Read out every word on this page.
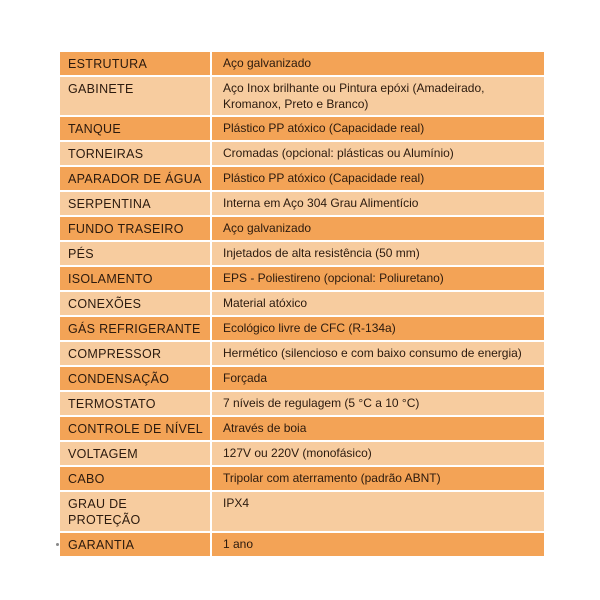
ESTRUTURA	Aço galvanizado
GABINETE	Aço Inox brilhante ou Pintura epóxi (Amadeirado, Kromanox, Preto e Branco)
TANQUE	Plástico PP atóxico (Capacidade real)
TORNEIRAS	Cromadas (opcional: plásticas ou Alumínio)
APARADOR DE ÁGUA	Plástico PP atóxico (Capacidade real)
SERPENTINA	Interna em Aço 304 Grau Alimentício
FUNDO TRASEIRO	Aço galvanizado
PÉS	Injetados de alta resistência (50 mm)
ISOLAMENTO	EPS - Poliestireno (opcional: Poliuretano)
CONEXÕES	Material atóxico
GÁS REFRIGERANTE	Ecológico livre de CFC (R-134a)
COMPRESSOR	Hermético (silencioso e com baixo consumo de energia)
CONDENSAÇÃO	Forçada
TERMOSTATO	7 níveis de regulagem (5 °C a 10 °C)
CONTROLE DE NÍVEL	Através de boia
VOLTAGEM	127V ou 220V (monofásico)
CABO	Tripolar com aterramento (padrão ABNT)
GRAU DE PROTEÇÃO	IPX4
GARANTIA	1 ano
